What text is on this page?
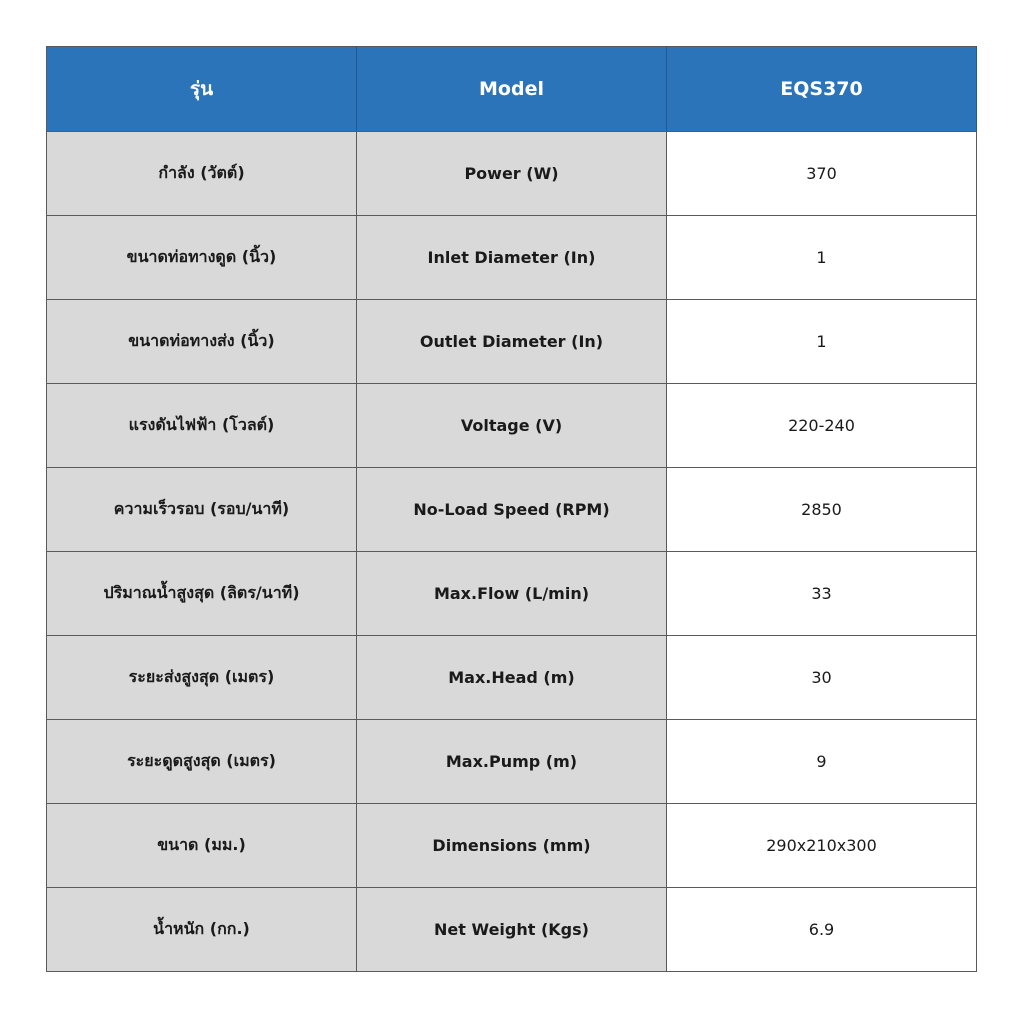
รุ่น	Model	EQS370
กำลัง (วัตต์)	Power (W)	370
ขนาดท่อทางดูด (นิ้ว)	Inlet Diameter (In)	1
ขนาดท่อทางส่ง (นิ้ว)	Outlet Diameter (In)	1
แรงดันไฟฟ้า (โวลต์)	Voltage (V)	220-240
ความเร็วรอบ (รอบ/นาที)	No-Load Speed (RPM)	2850
ปริมาณน้ำสูงสุด (ลิตร/นาที)	Max.Flow (L/min)	33
ระยะส่งสูงสุด (เมตร)	Max.Head (m)	30
ระยะดูดสูงสุด (เมตร)	Max.Pump (m)	9
ขนาด (มม.)	Dimensions (mm)	290x210x300
น้ำหนัก (กก.)	Net Weight (Kgs)	6.9
